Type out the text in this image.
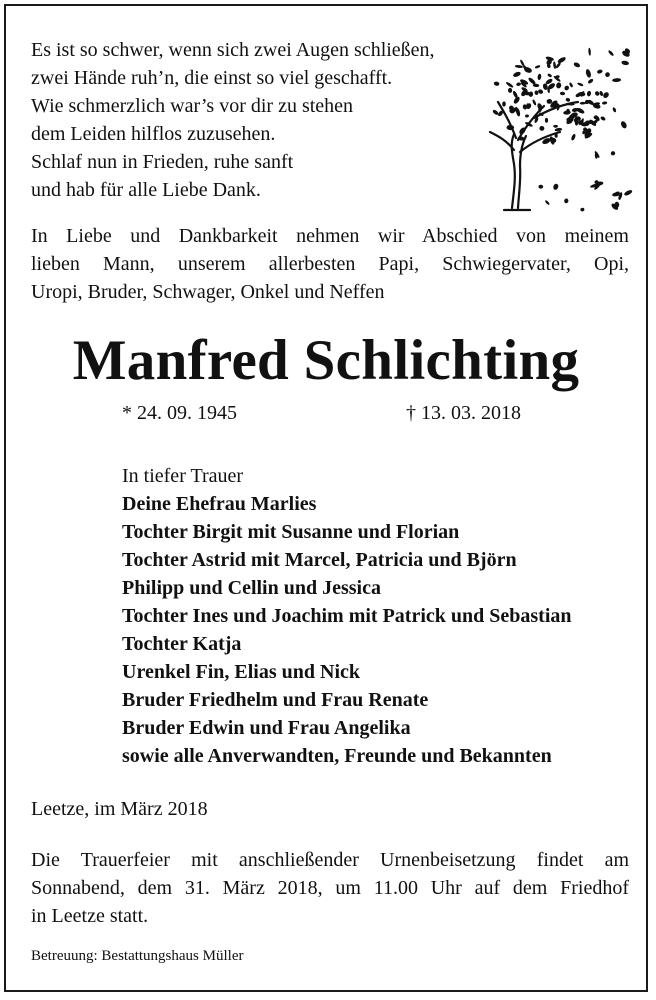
Es ist so schwer, wenn sich zwei Augen schließen,
zwei Hände ruh’n, die einst so viel geschafft.
Wie schmerzlich war’s vor dir zu stehen
dem Leiden hilflos zuzusehen.
Schlaf nun in Frieden, ruhe sanft
und hab für alle Liebe Dank.
In Liebe und Dankbarkeit nehmen wir Abschied von meinem
lieben Mann, unserem allerbesten Papi, Schwiegervater, Opi,
Uropi, Bruder, Schwager, Onkel und Neffen
Manfred Schlichting
* 24. 09. 1945	† 13. 03. 2018
In tiefer Trauer
Deine Ehefrau Marlies
Tochter Birgit mit Susanne und Florian
Tochter Astrid mit Marcel, Patricia und Björn
Philipp und Cellin und Jessica
Tochter Ines und Joachim mit Patrick und Sebastian
Tochter Katja
Urenkel Fin, Elias und Nick
Bruder Friedhelm und Frau Renate
Bruder Edwin und Frau Angelika
sowie alle Anverwandten, Freunde und Bekannten
Leetze, im März 2018
Die Trauerfeier mit anschließender Urnenbeisetzung findet am
Sonnabend, dem 31. März 2018, um 11.00 Uhr auf dem Friedhof
in Leetze statt.
Betreuung: Bestattungshaus Müller
